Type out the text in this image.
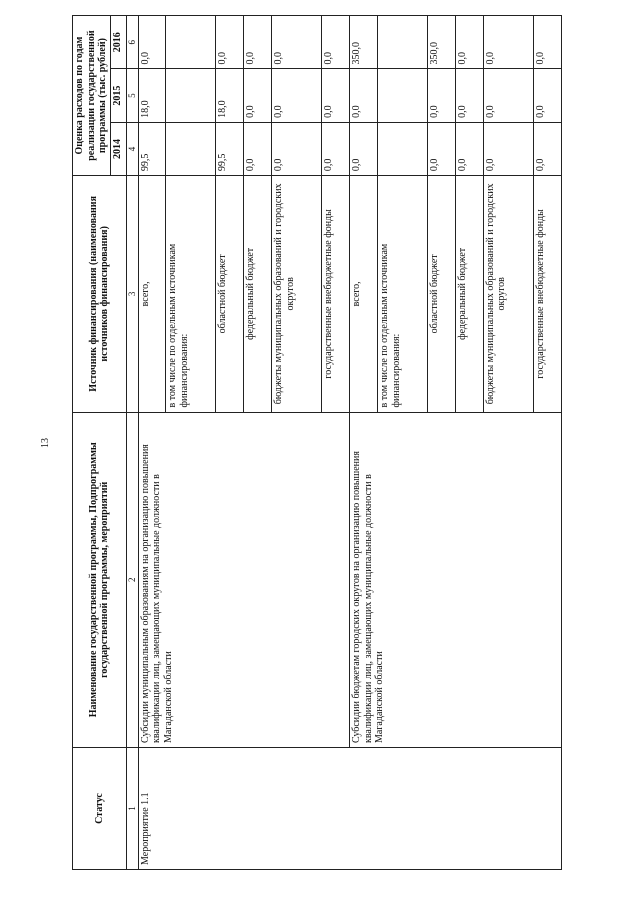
13
Статус	Наименование государственной программы, Подпрограммы государственной программы, мероприятий	Источник финансирования (наименования источников финансирования)	Оценка расходов по годам реализации государственной программы (тыс. рублей)		
			2014	2015	2016
1	2	3	4	5	6
Мероприятие 1.1	Субсидии муниципальным образованиям на организацию повышения квалификации лиц, замещающих муниципальные должности в Магаданской области	всего,	99,5	18,0	0,0
		в том числе по отдельным источникам финансирования:			
		областной бюджет	99,5	18,0	0,0
		федеральный бюджет	0,0	0,0	0,0
		бюджеты муниципальных образований и городских округов	0,0	0,0	0,0
		государственные внебюджетные фонды	0,0	0,0	0,0
	Субсидии бюджетам городских округов на организацию повышения квалификации лиц, замещающих муниципальные должности в Магаданской области	всего,	0,0	0,0	350,0
		в том числе по отдельным источникам финансирования:			
		областной бюджет	0,0	0,0	350,0
		федеральный бюджет	0,0	0,0	0,0
		бюджеты муниципальных образований и городских округов	0,0	0,0	0,0
		государственные внебюджетные фонды	0,0	0,0	0,0
